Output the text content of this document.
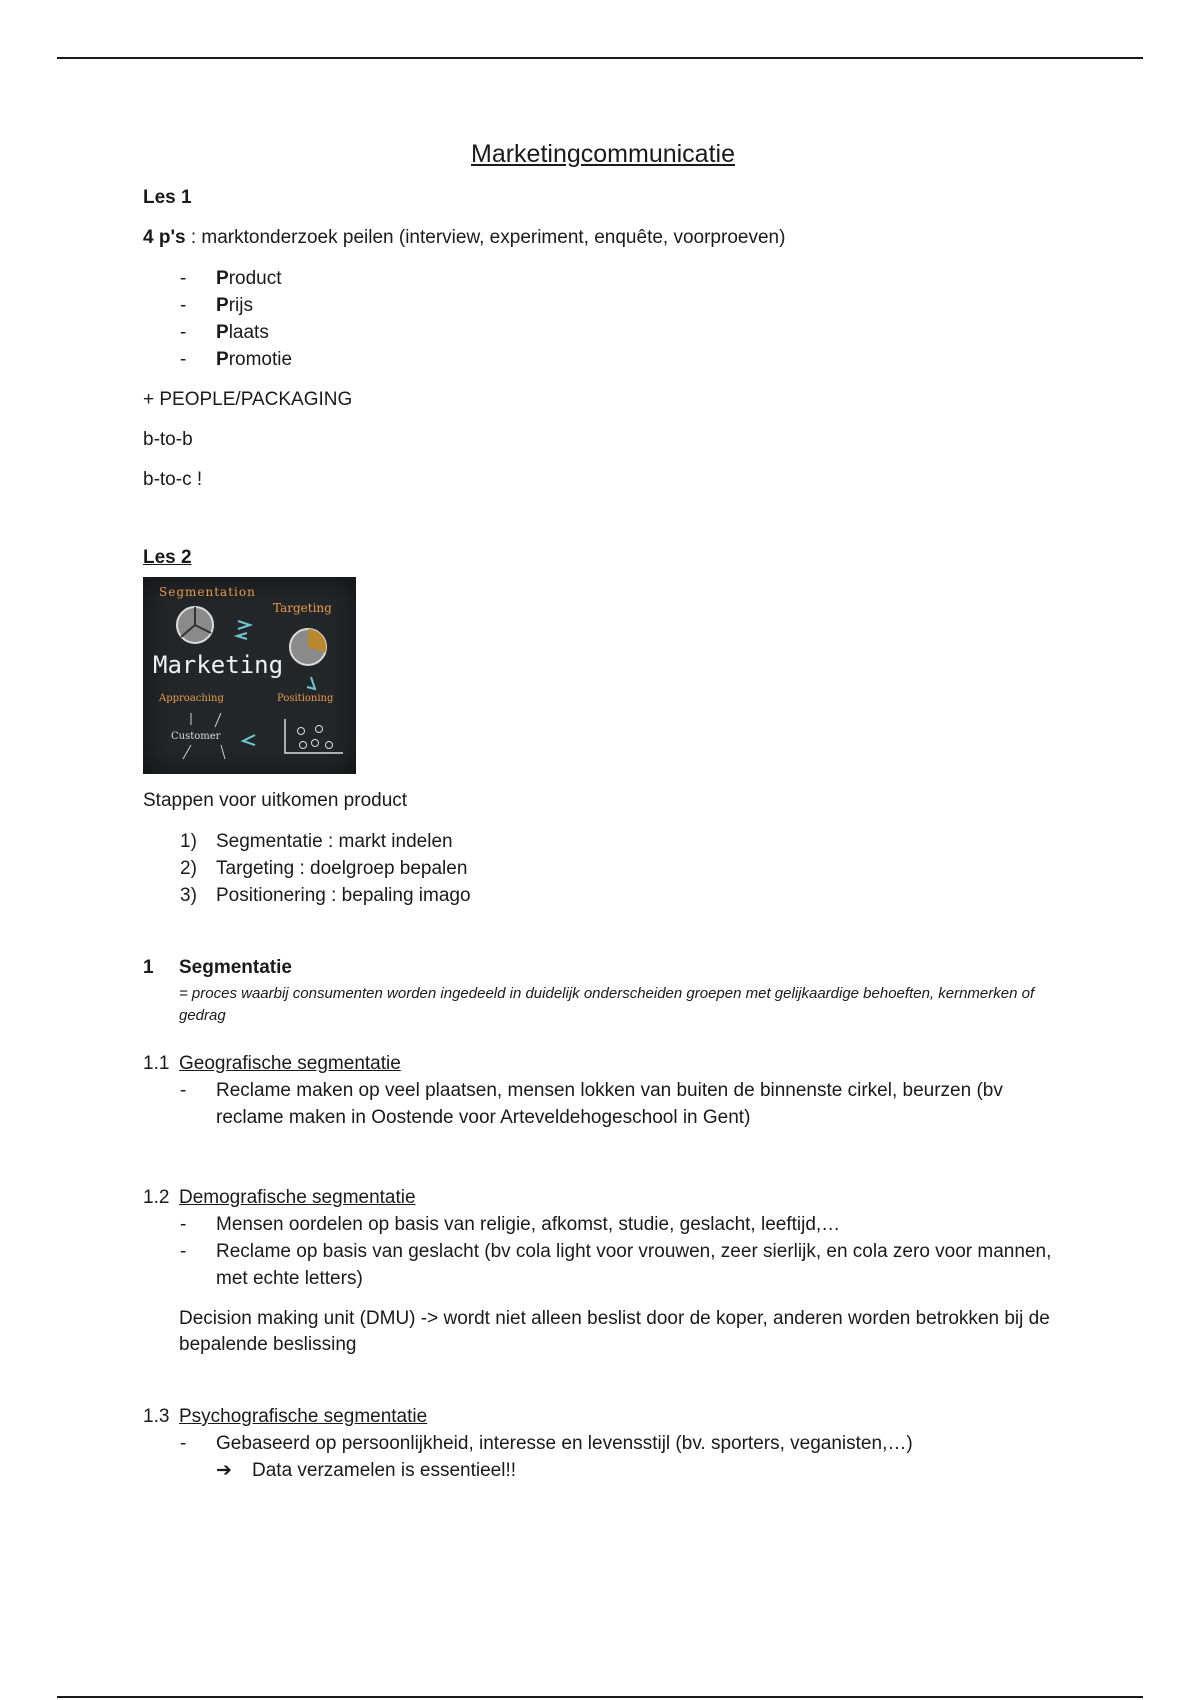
Marketingcommunicatie

Les 1

4 p's : marktonderzoek peilen (interview, experiment, enquête, voorproeven)

- Product
- Prijs
- Plaats
- Promotie

+ PEOPLE/PACKAGING

b-to-b

b-to-c !

Les 2

Segmentation
Targeting
Marketing
Approaching	Positioning
Customer

Stappen voor uitkomen product

1) Segmentatie : markt indelen
2) Targeting : doelgroep bepalen
3) Positionering : bepaling imago
1	Segmentatie

= proces waarbij consumenten worden ingedeeld in duidelijk onderscheiden groepen met gelijkaardige behoeften, kernmerken of gedrag

1.1 Geografische segmentatie
- Reclame maken op veel plaatsen, mensen lokken van buiten de binnenste cirkel, beurzen (bv reclame maken in Oostende voor Arteveldehogeschool in Gent)
1.2 Demografische segmentatie
- Mensen oordelen op basis van religie, afkomst, studie, geslacht, leeftijd,…
- Reclame op basis van geslacht (bv cola light voor vrouwen, zeer sierlijk, en cola zero voor mannen, met echte letters)

Decision making unit (DMU) -> wordt niet alleen beslist door de koper, anderen worden betrokken bij de bepalende beslissing

1.3 Psychografische segmentatie
- Gebaseerd op persoonlijkheid, interesse en levensstijl (bv. sporters, veganisten,…)
➔ Data verzamelen is essentieel!!
